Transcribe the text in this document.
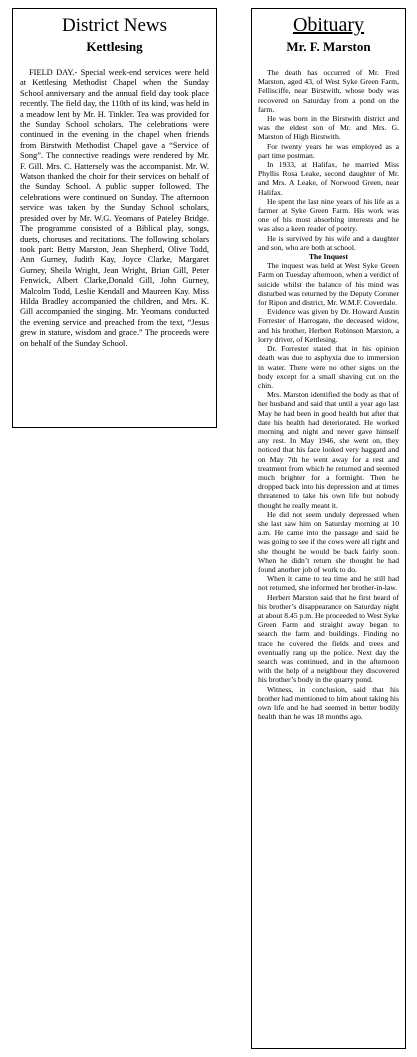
District News
Kettlesing

FIELD DAY.- Special week-end services were held at Kettlesing Methodist Chapel when the Sunday School anniversary and the annual field day took place recently. The field day, the 110th of its kind, was held in a meadow lent by Mr. H. Tinkler. Tea was provided for the Sunday School scholars. The celebrations were continued in the evening in the chapel when friends from Birstwith Methodist Chapel gave a “Service of Song”. The connective readings were rendered by Mr. F. Gill. Mrs. C. Hattersely was the accompanist. Mr. W. Watson thanked the choir for their services on behalf of the Sunday School. A public supper followed. The celebrations were continued on Sunday. The afternoon service was taken by the Sunday School scholars, presided over by Mr. W.G. Yeomans of Pateley Bridge. The programme consisted of a Biblical play, songs, duets, choruses and recitations. The following scholars took part: Betty Marston, Jean Shepherd, Olive Todd, Ann Gurney, Judith Kay, Joyce Clarke, Margaret Gurney, Sheila Wright, Jean Wright, Brian Gill, Peter Fenwick, Albert Clarke,Donald Gill, John Gurney, Malcolm Todd, Leslie Kendall and Maureen Kay. Miss Hilda Bradley accompanied the children, and Mrs. K. Gill accompanied the singing. Mr. Yeomans conducted the evening service and preached from the text, “Jesus grew in stature, wisdom and grace.” The proceeds were on behalf of the Sunday School.

Obituary
Mr. F. Marston

The death has occurred of Mr. Fred Marston, aged 43, of West Syke Green Farm, Fellisciffe, near Birstwith, whose body was recovered on Saturday from a pond on the farm.

He was born in the Birstwith district and was the eldest son of Mr. and Mrs. G. Marston of High Birstwith.

For twenty years he was employed as a part time postman.

In 1933, at Halifax, he married Miss Phyllis Rosa Leake, second daughter of Mr. and Mrs. A Leake, of Norwood Green, near Halifax.

He spent the last nine years of his life as a farmer at Syke Green Farm. His work was one of his most absorbing interests and he was also a keen reader of poetry.

He is survived by his wife and a daughter and son, who are both at school.

The Inquest

The inquest was held at West Syke Green Farm on Tuesday afternoon, when a verdict of suicide whilst the balance of his mind was disturbed was returned by the Deputy Coroner for Ripon and district, Mr. W.M.F. Coverdale.

Evidence was given by Dr. Howard Austin Forrester of Harrogate, the deceased widow, and his brother, Herbert Robinson Marston, a lorry driver, of Kettlesing.

Dr. Forrester stated that in his opinion death was due to asphyxia due to immersion in water. There were no other signs on the body except for a small shaving cut on the chin.

Mrs. Marston identified the body as that of her husband and said that until a year ago last May he had been in good health but after that date his health had deteriorated. He worked morning and night and never gave himself any rest. In May 1946, she went on, they noticed that his face looked very haggard and on May 7th he went away for a rest and treatment from which he returned and seemed much brighter for a fortnight. Then he dropped back into his depression and at times threatened to take his own life but nobody thought he really meant it.

He did not seem unduly depressed when she last saw him on Saturday morning at 10 a.m. He came into the passage and said he was going to see if the cows were all right and she thought he would be back fairly soon. When he didn’t return she thought he had found another job of work to do.

When it came to tea time and he still had not returned, she informed her brother-in-law.

Herbert Marston said that he first heard of his brother’s disappearance on Saturday night at about 8.45 p.m. He proceeded to West Syke Green Farm and straight away began to search the farm and buildings. Finding no trace he covered the fields and trees and eventually rang up the police. Next day the search was continued, and in the afternoon with the help of a neighbour they discovered his brother’s body in the quarry pond.

Witness, in conclusion, said that his brother had mentioned to him about taking his own life and he had seemed in better bodily health than he was 18 months ago.
